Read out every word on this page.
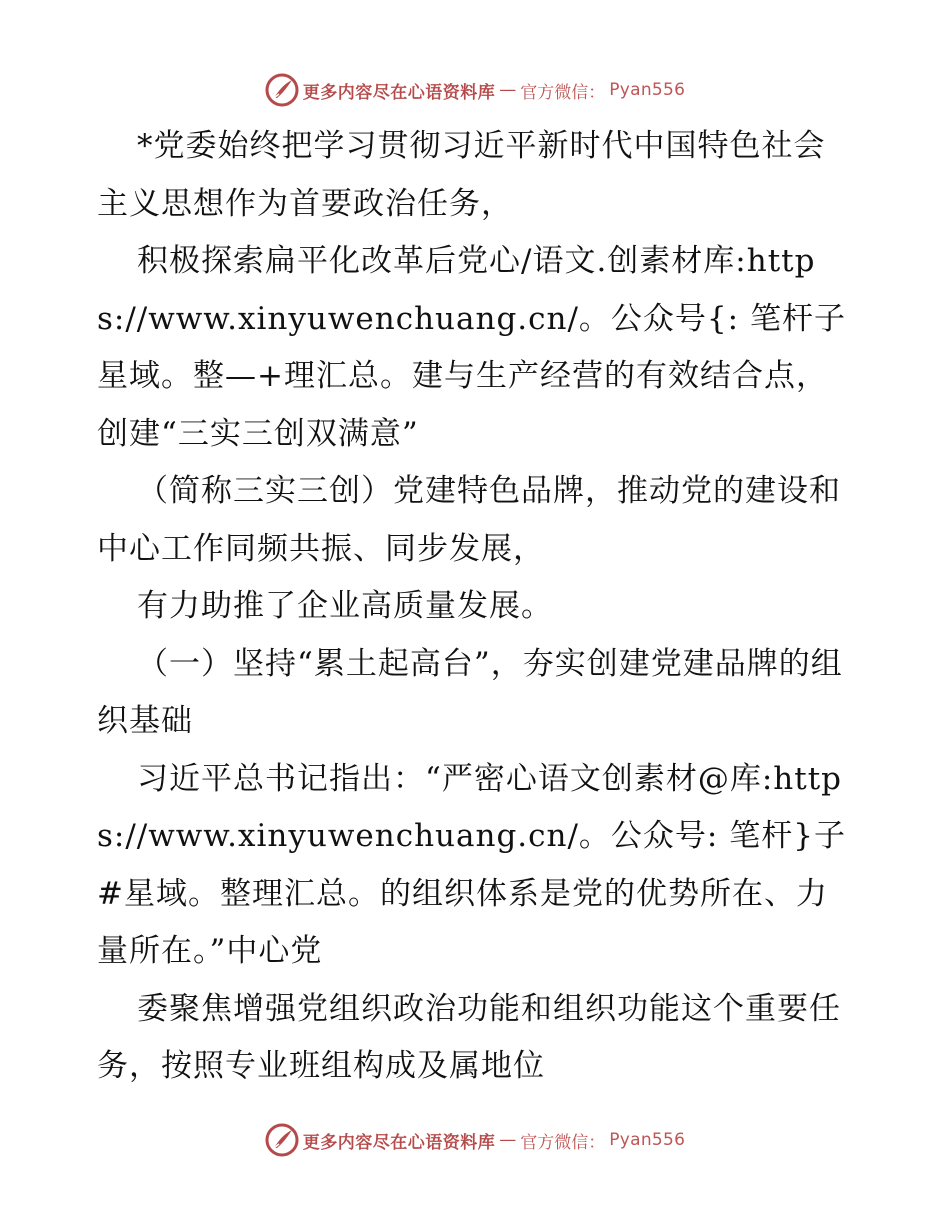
更多内容尽在心语资料库 — 官方微信： Pyan556

*党委始终把学习贯彻习近平新时代中国特色社会主义思想作为首要政治任务，

积极探索扁平化改革后党心/语文.创素材库:https://www.xinyuwenchuang.cn/。公众号{: 笔杆子星域。整—+理汇总。建与生产经营的有效结合点，创建“三实三创双满意”

（简称三实三创）党建特色品牌，推动党的建设和中心工作同频共振、同步发展，

有力助推了企业高质量发展。

（一）坚持“累土起高台”，夯实创建党建品牌的组织基础

习近平总书记指出：“严密心语文创素材@库:https://www.xinyuwenchuang.cn/。公众号: 笔杆}子#星域。整理汇总。的组织体系是党的优势所在、力量所在。”中心党

委聚焦增强党组织政治功能和组织功能这个重要任务，按照专业班组构成及属地位

更多内容尽在心语资料库 — 官方微信： Pyan556
